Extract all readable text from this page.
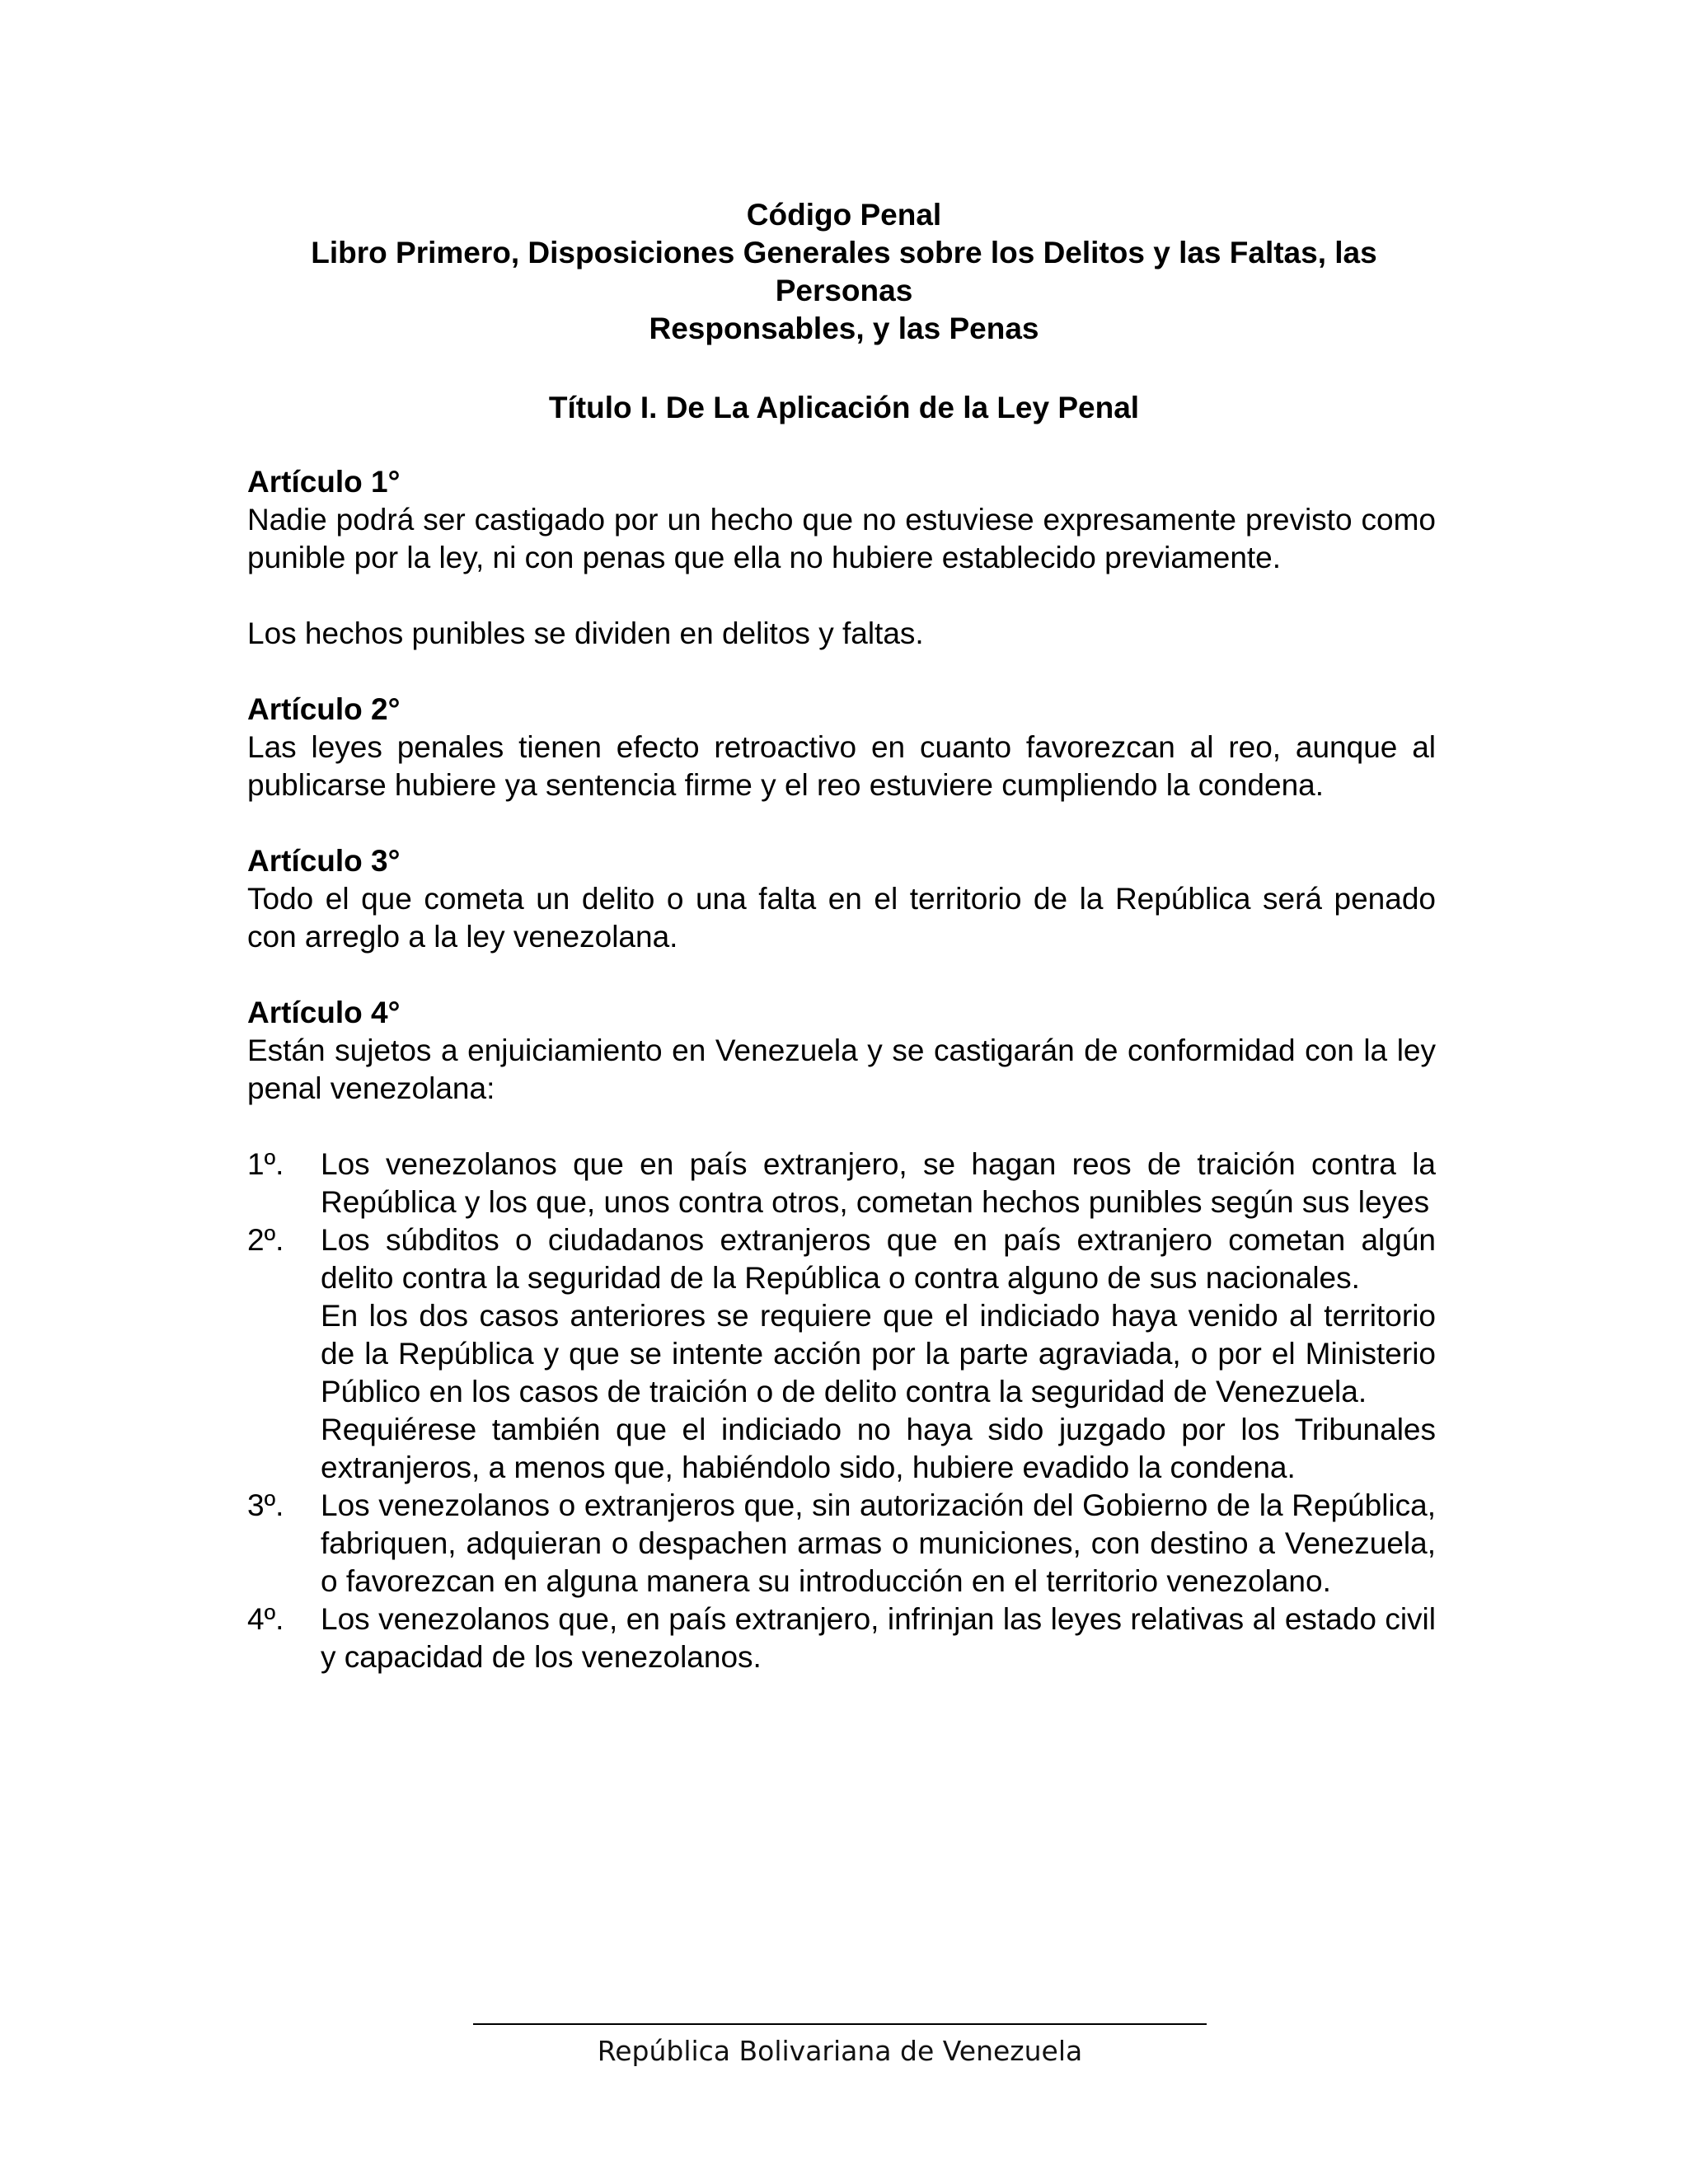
Código Penal
Libro Primero, Disposiciones Generales sobre los Delitos y las Faltas, las
Personas
Responsables, y las Penas
Título I. De La Aplicación de la Ley Penal

Artículo 1°

Nadie podrá ser castigado por un hecho que no estuviese expresamente previsto como punible por la ley, ni con penas que ella no hubiere establecido previamente.

Los hechos punibles se dividen en delitos y faltas.

Artículo 2°

Las leyes penales tienen efecto retroactivo en cuanto favorezcan al reo, aunque al publicarse hubiere ya sentencia firme y el reo estuviere cumpliendo la condena.

Artículo 3°

Todo el que cometa un delito o una falta en el territorio de la República será penado con arreglo a la ley venezolana.

Artículo 4°

Están sujetos a enjuiciamiento en Venezuela y se castigarán de conformidad con la ley penal venezolana:

1º.	Los venezolanos que en país extranjero, se hagan reos de traición contra la República y los que, unos contra otros, cometan hechos punibles según sus leyes

2º.	Los súbditos o ciudadanos extranjeros que en país extranjero cometan algún delito contra la seguridad de la República o contra alguno de sus nacionales.

En los dos casos anteriores se requiere que el indiciado haya venido al territorio de la República y que se intente acción por la parte agraviada, o por el Ministerio Público en los casos de traición o de delito contra la seguridad de Venezuela.

Requiérese también que el indiciado no haya sido juzgado por los Tribunales extranjeros, a menos que, habiéndolo sido, hubiere evadido la condena.

3º.	Los venezolanos o extranjeros que, sin autorización del Gobierno de la República, fabriquen, adquieran o despachen armas o municiones, con destino a Venezuela, o favorezcan en alguna manera su introducción en el territorio venezolano.

4º.	Los venezolanos que, en país extranjero, infrinjan las leyes relativas al estado civil y capacidad de los venezolanos.

República Bolivariana de Venezuela
